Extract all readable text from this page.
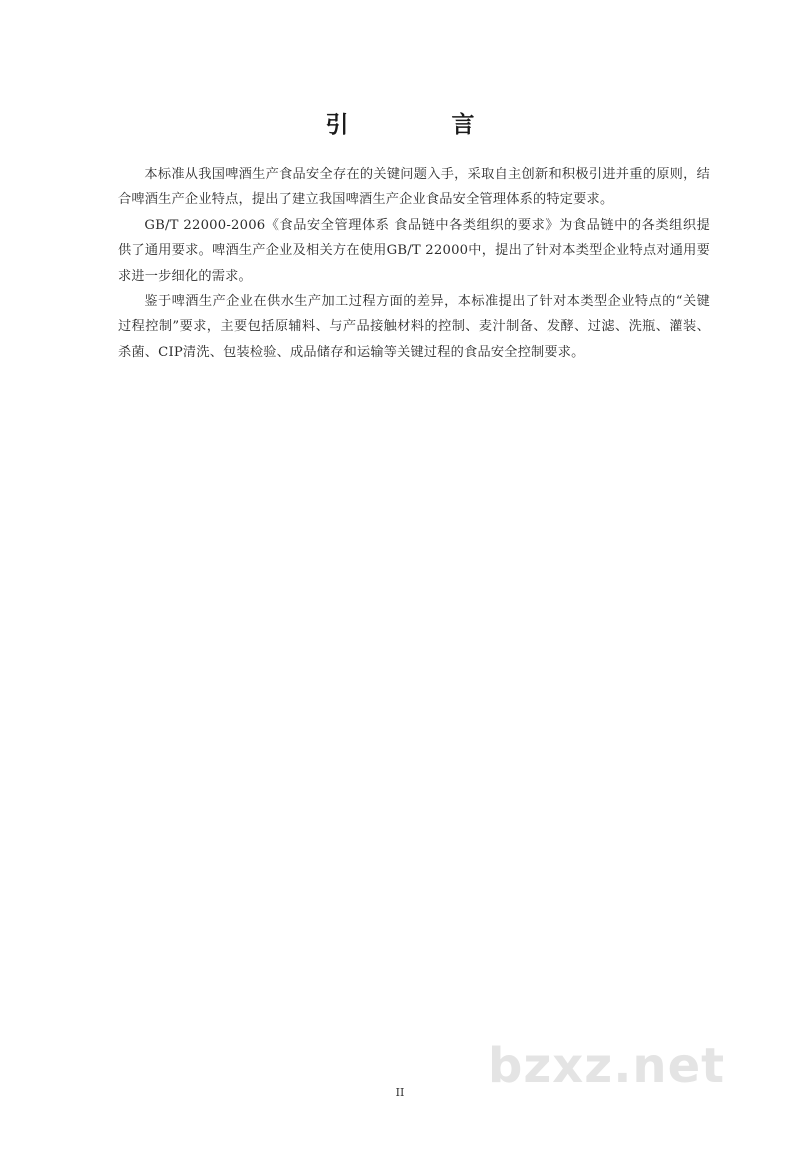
引　言

本标准从我国啤酒生产食品安全存在的关键问题入手，采取自主创新和积极引进并重的原则，结合啤酒生产企业特点，提出了建立我国啤酒生产企业食品安全管理体系的特定要求。

GB/T 22000-2006《食品安全管理体系 食品链中各类组织的要求》为食品链中的各类组织提供了通用要求。啤酒生产企业及相关方在使用GB/T 22000中，提出了针对本类型企业特点对通用要求进一步细化的需求。

鉴于啤酒生产企业在供水生产加工过程方面的差异，本标准提出了针对本类型企业特点的“关键过程控制”要求，主要包括原辅料、与产品接触材料的控制、麦汁制备、发酵、过滤、洗瓶、灌装、杀菌、CIP清洗、包装检验、成品储存和运输等关键过程的食品安全控制要求。

bzxz.net
II
